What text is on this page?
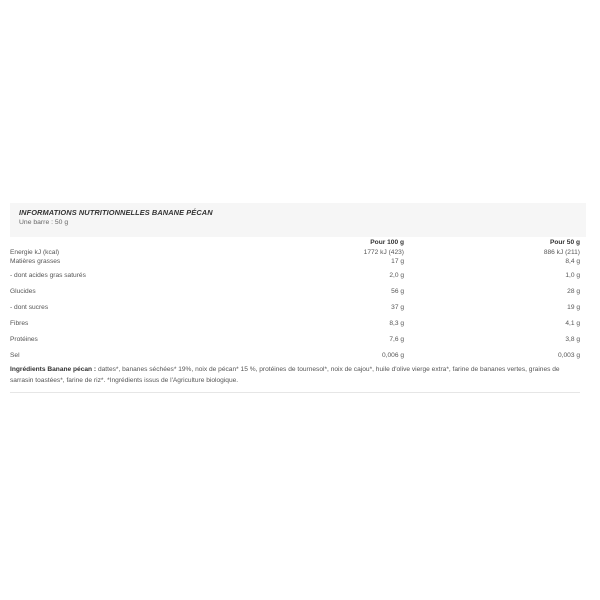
INFORMATIONS NUTRITIONNELLES BANANE PÉCAN
Une barre : 50 g
	Pour 100 g	Pour 50 g
Energie kJ (kcal)	1772 kJ (423)	886 kJ (211)
Matières grasses	17 g	8,4 g
- dont acides gras saturés	2,0 g	1,0 g
Glucides	56 g	28 g
- dont sucres	37 g	19 g
Fibres	8,3 g	4,1 g
Protéines	7,6 g	3,8 g
Sel	0,006 g	0,003 g
Ingrédients Banane pécan : dattes*, bananes séchées* 19%, noix de pécan* 15 %, protéines de tournesol*, noix de cajou*, huile d'olive vierge extra*, farine de bananes vertes, graines de sarrasin toastées*, farine de riz*. *Ingrédients issus de l'Agriculture biologique.
